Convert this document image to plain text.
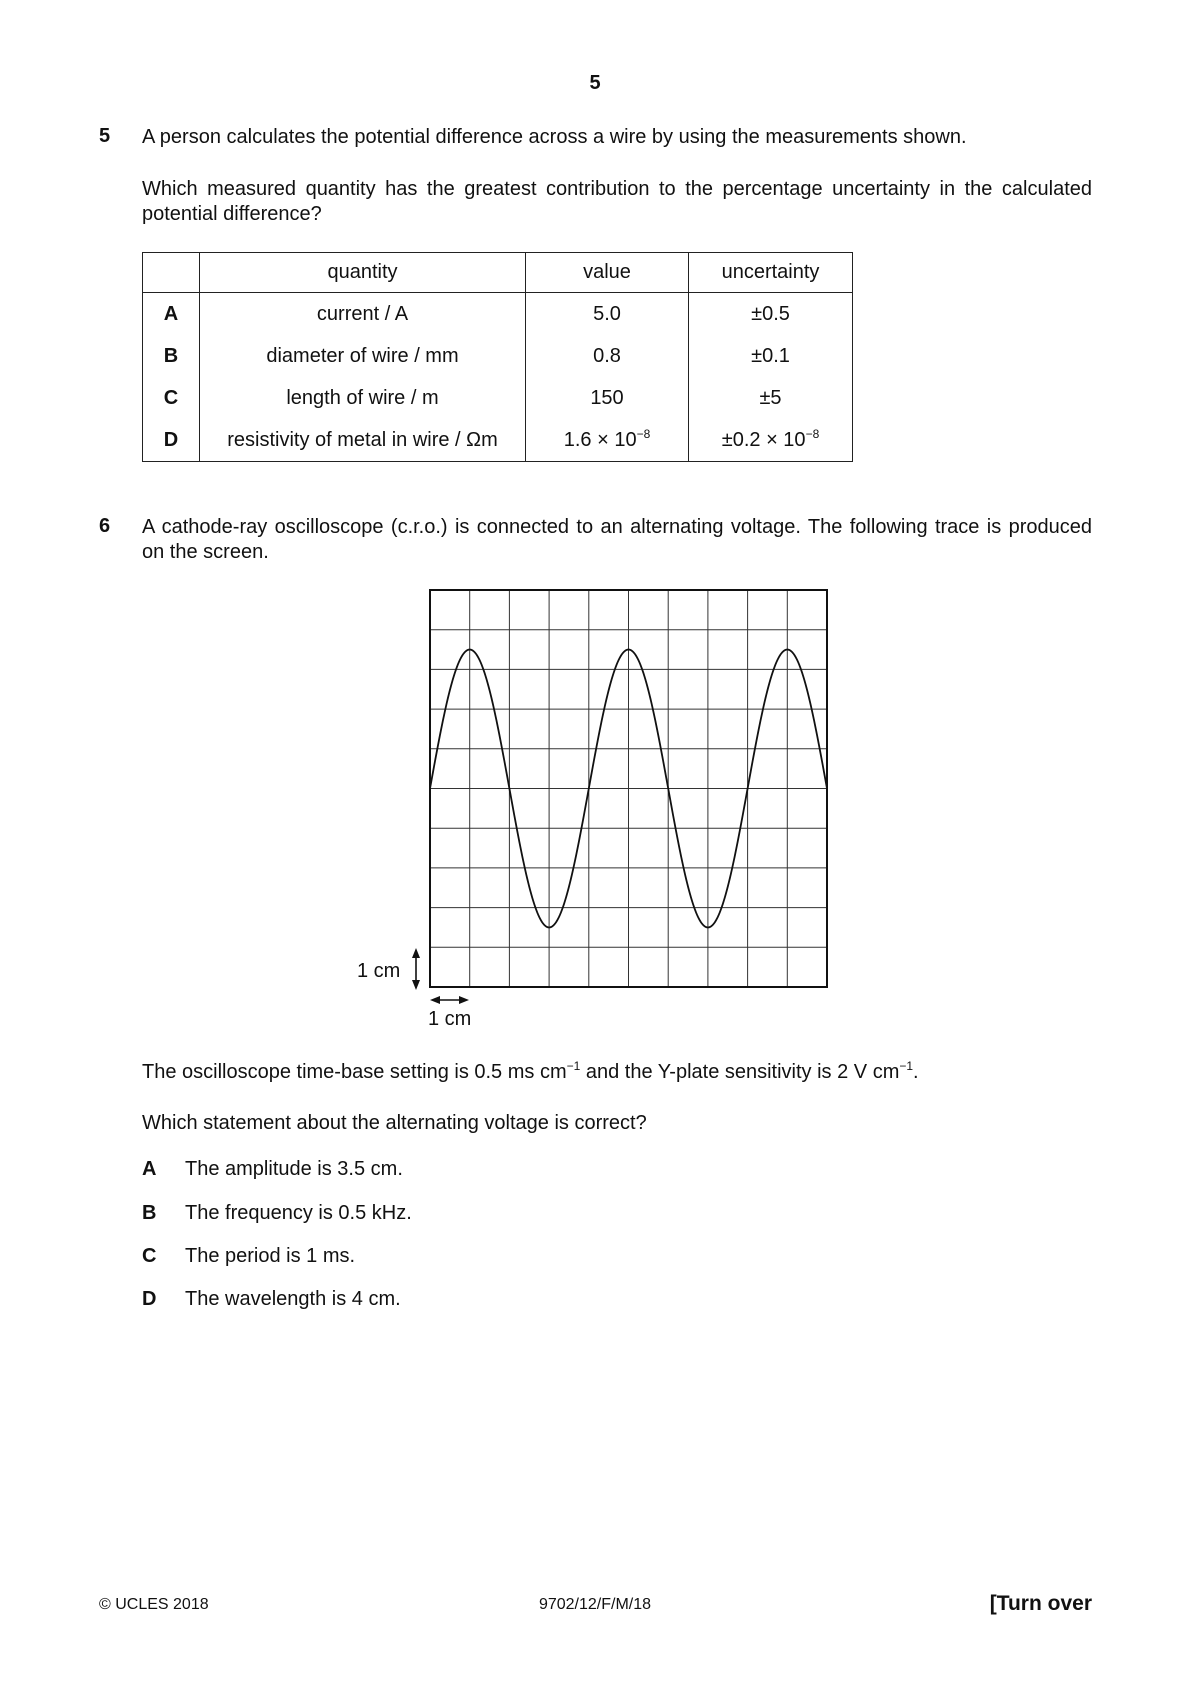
5
5 A person calculates the potential difference across a wire by using the measurements shown.
Which measured quantity has the greatest contribution to the percentage uncertainty in the calculated potential difference?
	quantity	value	uncertainty
A	current / A	5.0	±0.5
B	diameter of wire / mm	0.8	±0.1
C	length of wire / m	150	±5
D	resistivity of metal in wire / Ωm	$1.6 \times 10^{-8}$	$\pm 0.2 \times 10^{-8}$
6 A cathode-ray oscilloscope (c.r.o.) is connected to an alternating voltage. The following trace is produced on the screen.
1 cm
1 cm
The oscilloscope time-base setting is 0.5 ms $cm^{-1}$ and the Y-plate sensitivity is 2 V $cm^{-1}$.
Which statement about the alternating voltage is correct?
A The amplitude is 3.5 cm.
B The frequency is 0.5 kHz.
C The period is 1 ms.
D The wavelength is 4 cm.
© UCLES 2018	9702/12/F/M/18	[Turn over
